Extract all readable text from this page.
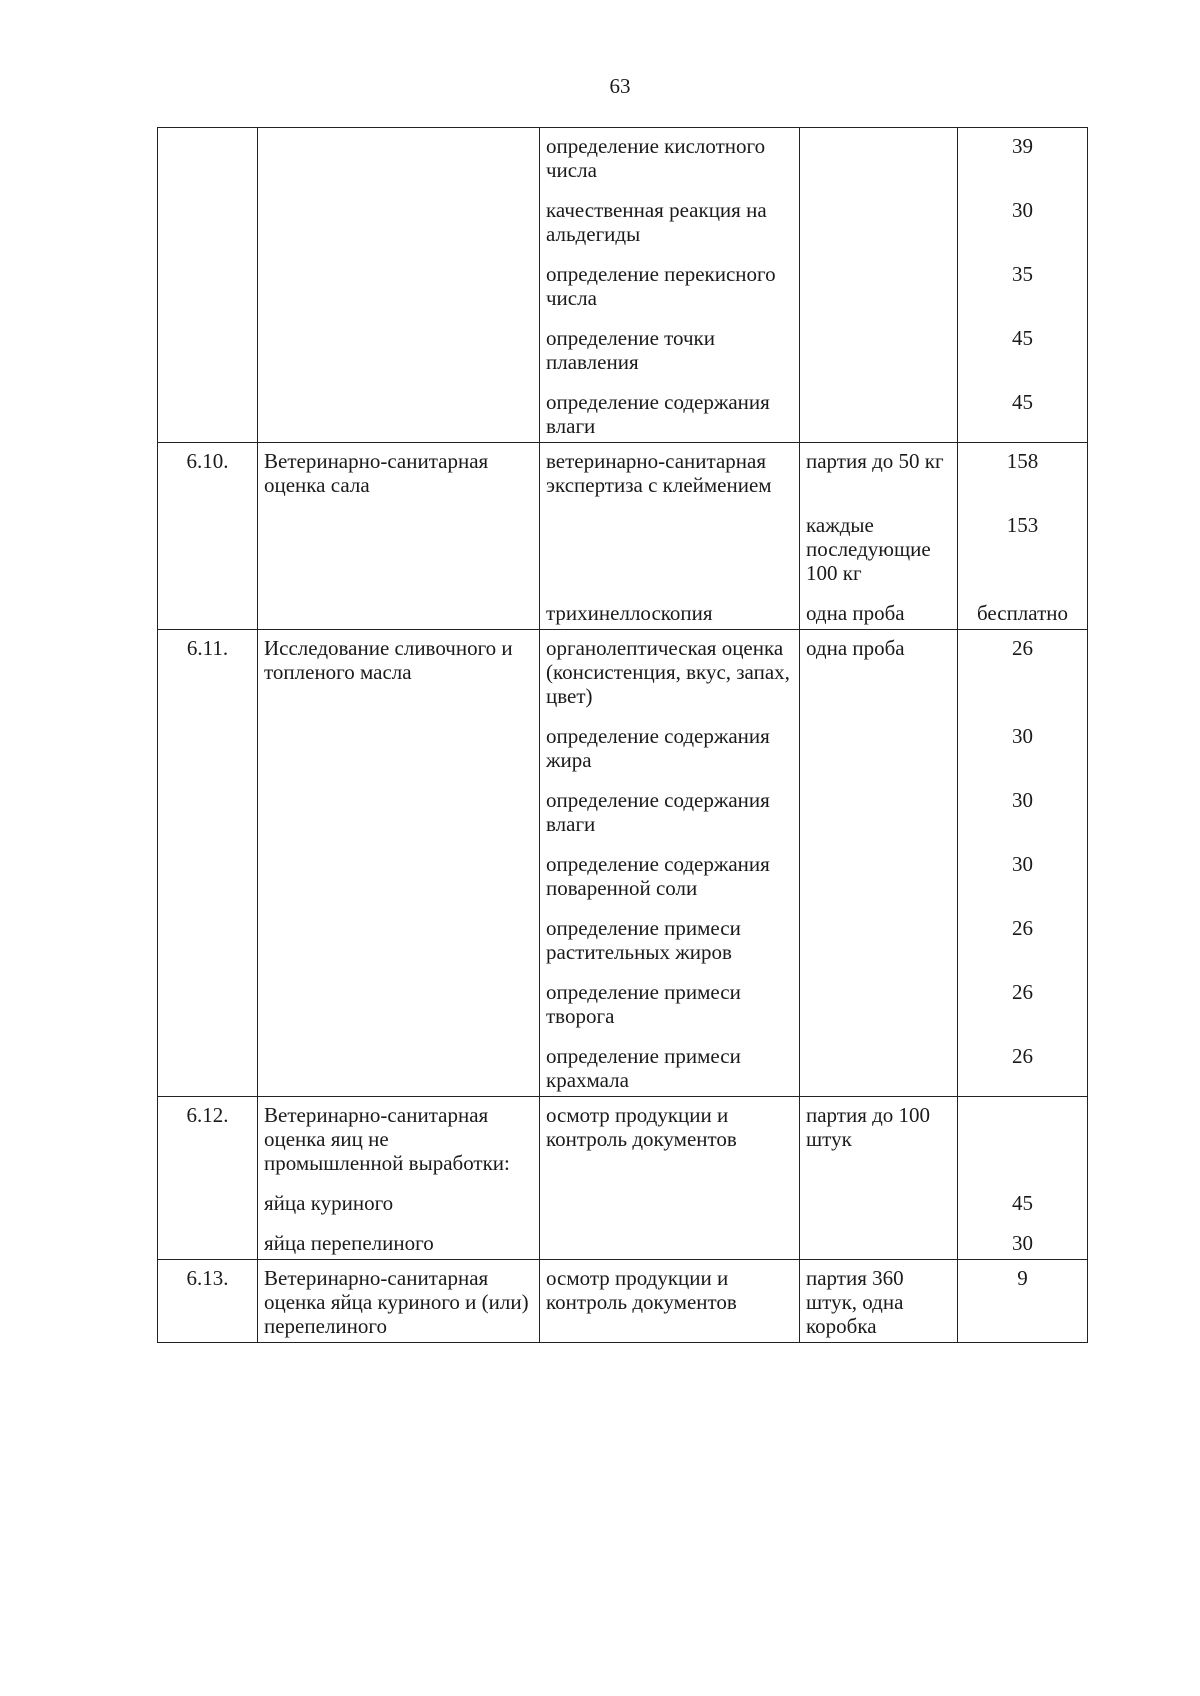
63
		определение кислотного числа		39
		качественная реакция на альдегиды		30
		определение перекисного числа		35
		определение точки плавления		45
		определение содержания влаги		45
6.10.	Ветеринарно-санитарная оценка сала	ветеринарно-санитарная экспертиза с клеймением	партия до 50 кг	158
			каждые последующие 100 кг	153
		трихинеллоскопия	одна проба	бесплатно
6.11.	Исследование сливочного и топленого масла	органолептическая оценка (консистенция, вкус, запах, цвет)	одна проба	26
		определение содержания жира		30
		определение содержания влаги		30
		определение содержания поваренной соли		30
		определение примеси растительных жиров		26
		определение примеси творога		26
		определение примеси крахмала		26
6.12.	Ветеринарно-санитарная оценка яиц не промышленной выработки:	осмотр продукции и контроль документов	партия до 100 штук	
	яйца куриного			45
	яйца перепелиного			30
6.13.	Ветеринарно-санитарная оценка яйца куриного и (или) перепелиного	осмотр продукции и контроль документов	партия 360 штук, одна коробка	9
